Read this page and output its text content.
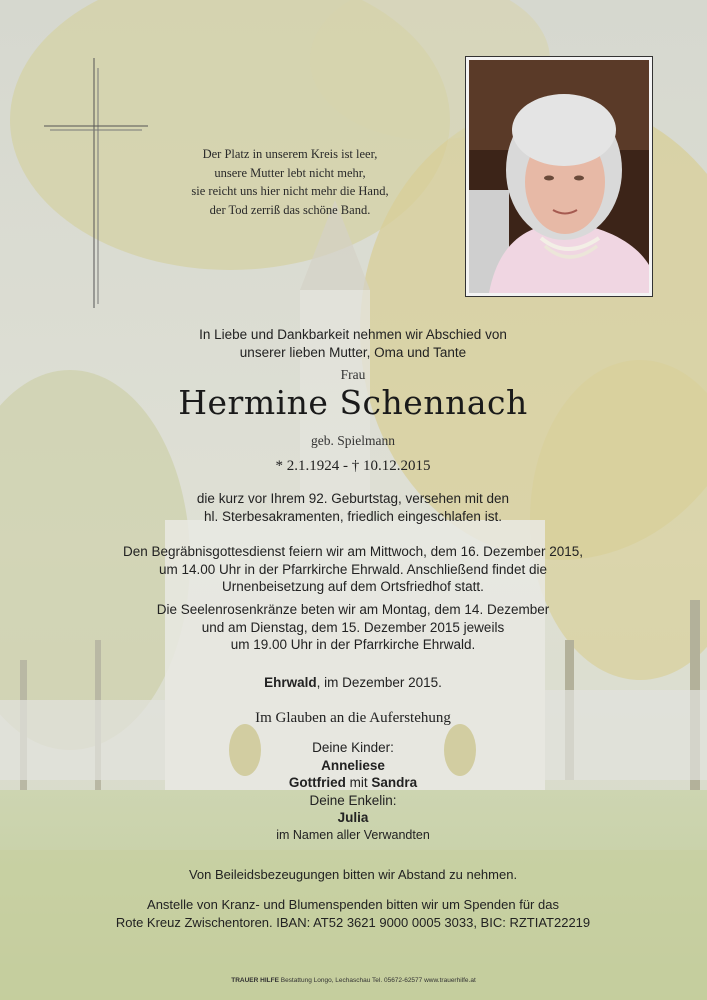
Der Platz in unserem Kreis ist leer,
unsere Mutter lebt nicht mehr,
sie reicht uns hier nicht mehr die Hand,
der Tod zerriß das schöne Band.
In Liebe und Dankbarkeit nehmen wir Abschied von
unserer lieben Mutter, Oma und Tante
Frau
Hermine Schennach
geb. Spielmann
* 2.1.1924 - † 10.12.2015
die kurz vor Ihrem 92. Geburtstag, versehen mit den
hl. Sterbesakramenten, friedlich eingeschlafen ist.
Den Begräbnisgottesdienst feiern wir am Mittwoch, dem 16. Dezember 2015,
um 14.00 Uhr in der Pfarrkirche Ehrwald. Anschließend findet die
Urnenbeisetzung auf dem Ortsfriedhof statt.
Die Seelenrosenkränze beten wir am Montag, dem 14. Dezember
und am Dienstag, dem 15. Dezember 2015 jeweils
um 19.00 Uhr in der Pfarrkirche Ehrwald.
Ehrwald, im Dezember 2015.
Im Glauben an die Auferstehung
Deine Kinder:
Anneliese
Gottfried mit Sandra
Deine Enkelin:
Julia
im Namen aller Verwandten
Von Beileidsbezeugungen bitten wir Abstand zu nehmen.
Anstelle von Kranz- und Blumenspenden bitten wir um Spenden für das
Rote Kreuz Zwischentoren. IBAN: AT52 3621 9000 0005 3033, BIC: RZTIAT22219
TRAUER HILFE Bestattung Longo, Lechaschau Tel. 05672-62577 www.trauerhilfe.at
